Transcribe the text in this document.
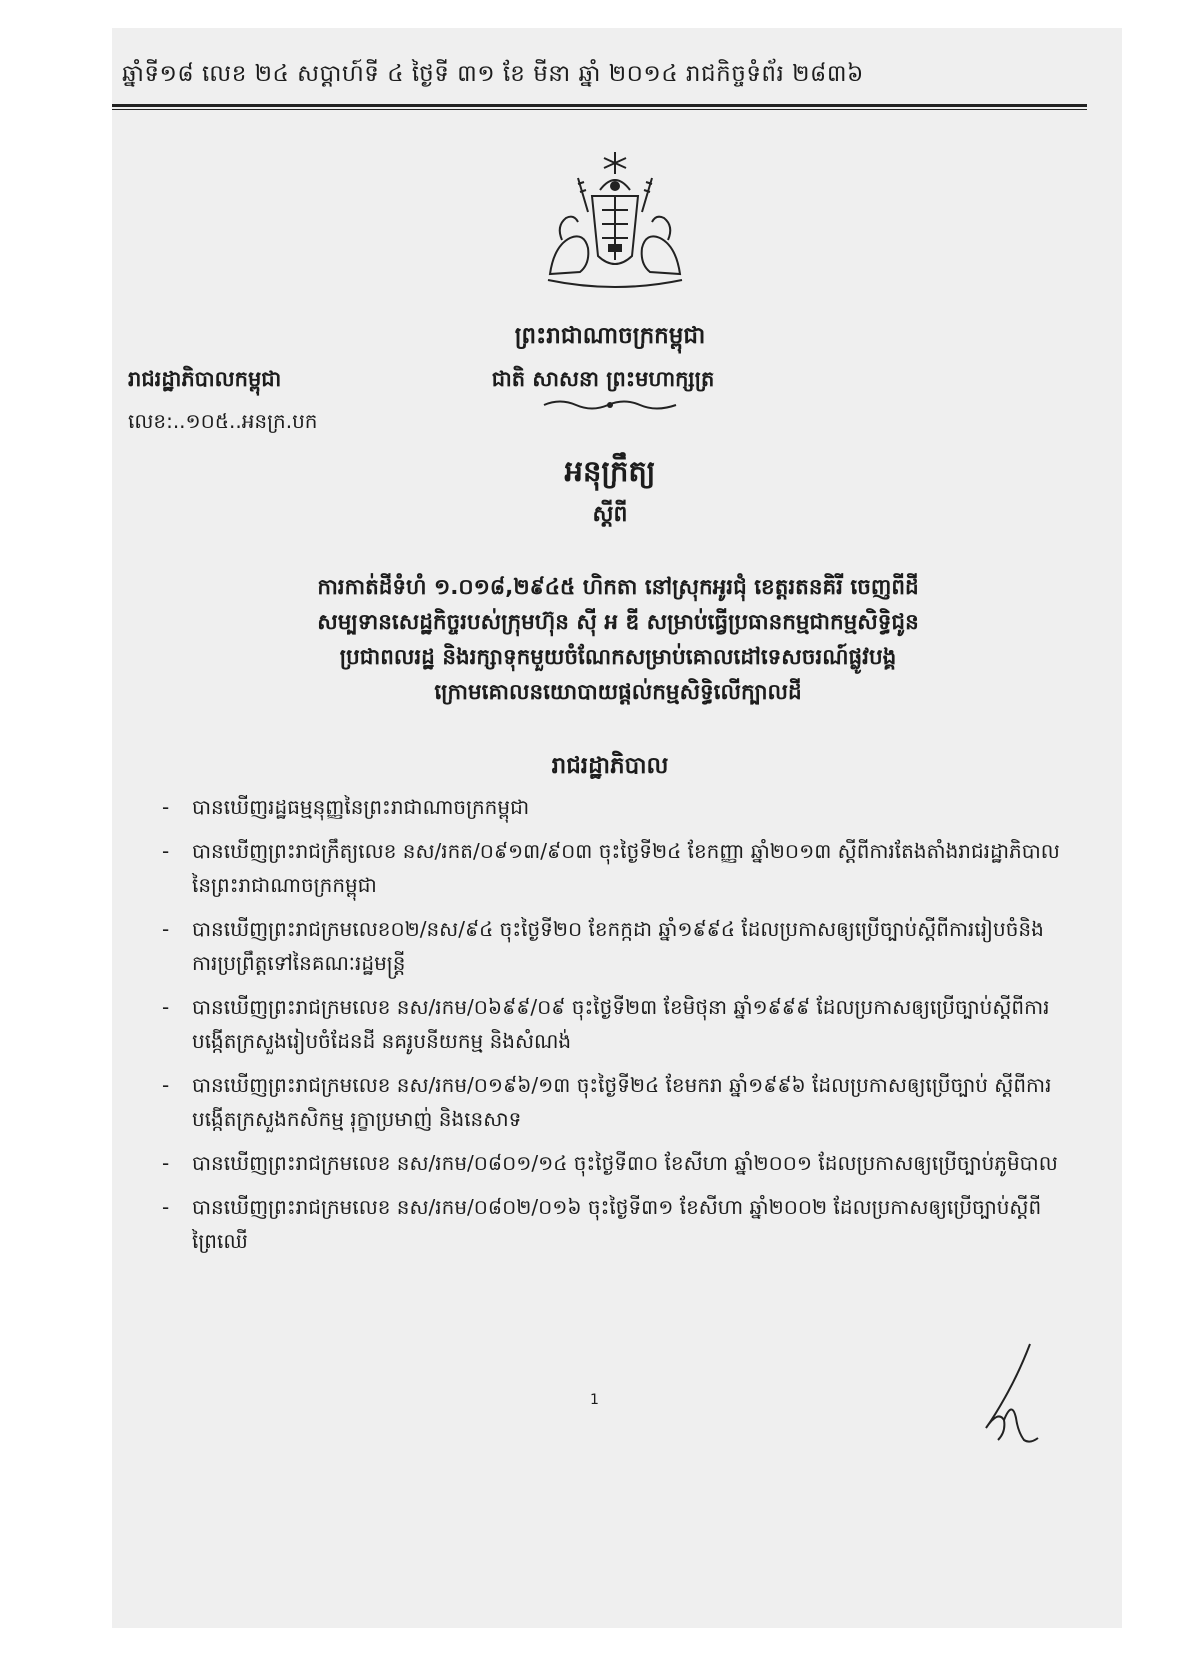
ឆ្នាំទី១៨ លេខ ២៤ សប្តាហ៍ទី ៤ ថ្ងៃទី ៣១ ខែ មីនា ឆ្នាំ ២០១៤ រាជកិច្ចទំព័រ ២៨៣៦
ព្រះរាជាណាចក្រកម្ពុជា
រាជរដ្ឋាភិបាលកម្ពុជា	ជាតិ សាសនា ព្រះមហាក្សត្រ
លេខ:..១០៥..អនក្រ.បក
អនុក្រឹត្យ
ស្តីពី
ការកាត់ដីទំហំ ១.០១៨,២៩៤៥ ហិកតា នៅស្រុកអូរជុំ ខេត្តរតនគិរី ចេញពីដី
សម្បទានសេដ្ឋកិច្ចរបស់ក្រុមហ៊ុន ស៊ី អ ឌី សម្រាប់ធ្វើប្រធានកម្មជាកម្មសិទ្ធិជូន
ប្រជាពលរដ្ឋ និងរក្សាទុកមួយចំណែកសម្រាប់គោលដៅទេសចរណ៍ផ្លូវបង្គ
ក្រោមគោលនយោបាយផ្តល់កម្មសិទ្ធិលើក្បាលដី
រាជរដ្ឋាភិបាល
- បានឃើញរដ្ឋធម្មនុញ្ញនៃព្រះរាជាណាចក្រកម្ពុជា
- បានឃើញព្រះរាជក្រឹត្យលេខ នស/រកត/០៩១៣/៩០៣ ចុះថ្ងៃទី២៤ ខែកញ្ញា ឆ្នាំ២០១៣ ស្តីពីការតែងតាំងរាជរដ្ឋាភិបាលនៃព្រះរាជាណាចក្រកម្ពុជា
- បានឃើញព្រះរាជក្រមលេខ០២/នស/៩៤ ចុះថ្ងៃទី២០ ខែកក្កដា ឆ្នាំ១៩៩៤ ដែលប្រកាសឲ្យប្រើច្បាប់ស្តីពីការរៀបចំនិងការប្រព្រឹត្តទៅនៃគណៈរដ្ឋមន្ត្រី
- បានឃើញព្រះរាជក្រមលេខ នស/រកម/០៦៩៩/០៩ ចុះថ្ងៃទី២៣ ខែមិថុនា ឆ្នាំ១៩៩៩ ដែលប្រកាសឲ្យប្រើច្បាប់ស្តីពីការបង្កើតក្រសួងរៀបចំដែនដី នគរូបនីយកម្ម និងសំណង់
- បានឃើញព្រះរាជក្រមលេខ នស/រកម/០១៩៦/១៣ ចុះថ្ងៃទី២៤ ខែមករា ឆ្នាំ១៩៩៦ ដែលប្រកាសឲ្យប្រើច្បាប់ ស្តីពីការបង្កើតក្រសួងកសិកម្ម រុក្ខាប្រមាញ់ និងនេសាទ
- បានឃើញព្រះរាជក្រមលេខ នស/រកម/០៨០១/១៤ ចុះថ្ងៃទី៣០ ខែសីហា ឆ្នាំ២០០១ ដែលប្រកាសឲ្យប្រើច្បាប់ភូមិបាល
- បានឃើញព្រះរាជក្រមលេខ នស/រកម/០៨០២/០១៦ ចុះថ្ងៃទី៣១ ខែសីហា ឆ្នាំ២០០២ ដែលប្រកាសឲ្យប្រើច្បាប់ស្តីពីព្រៃឈើ
1
